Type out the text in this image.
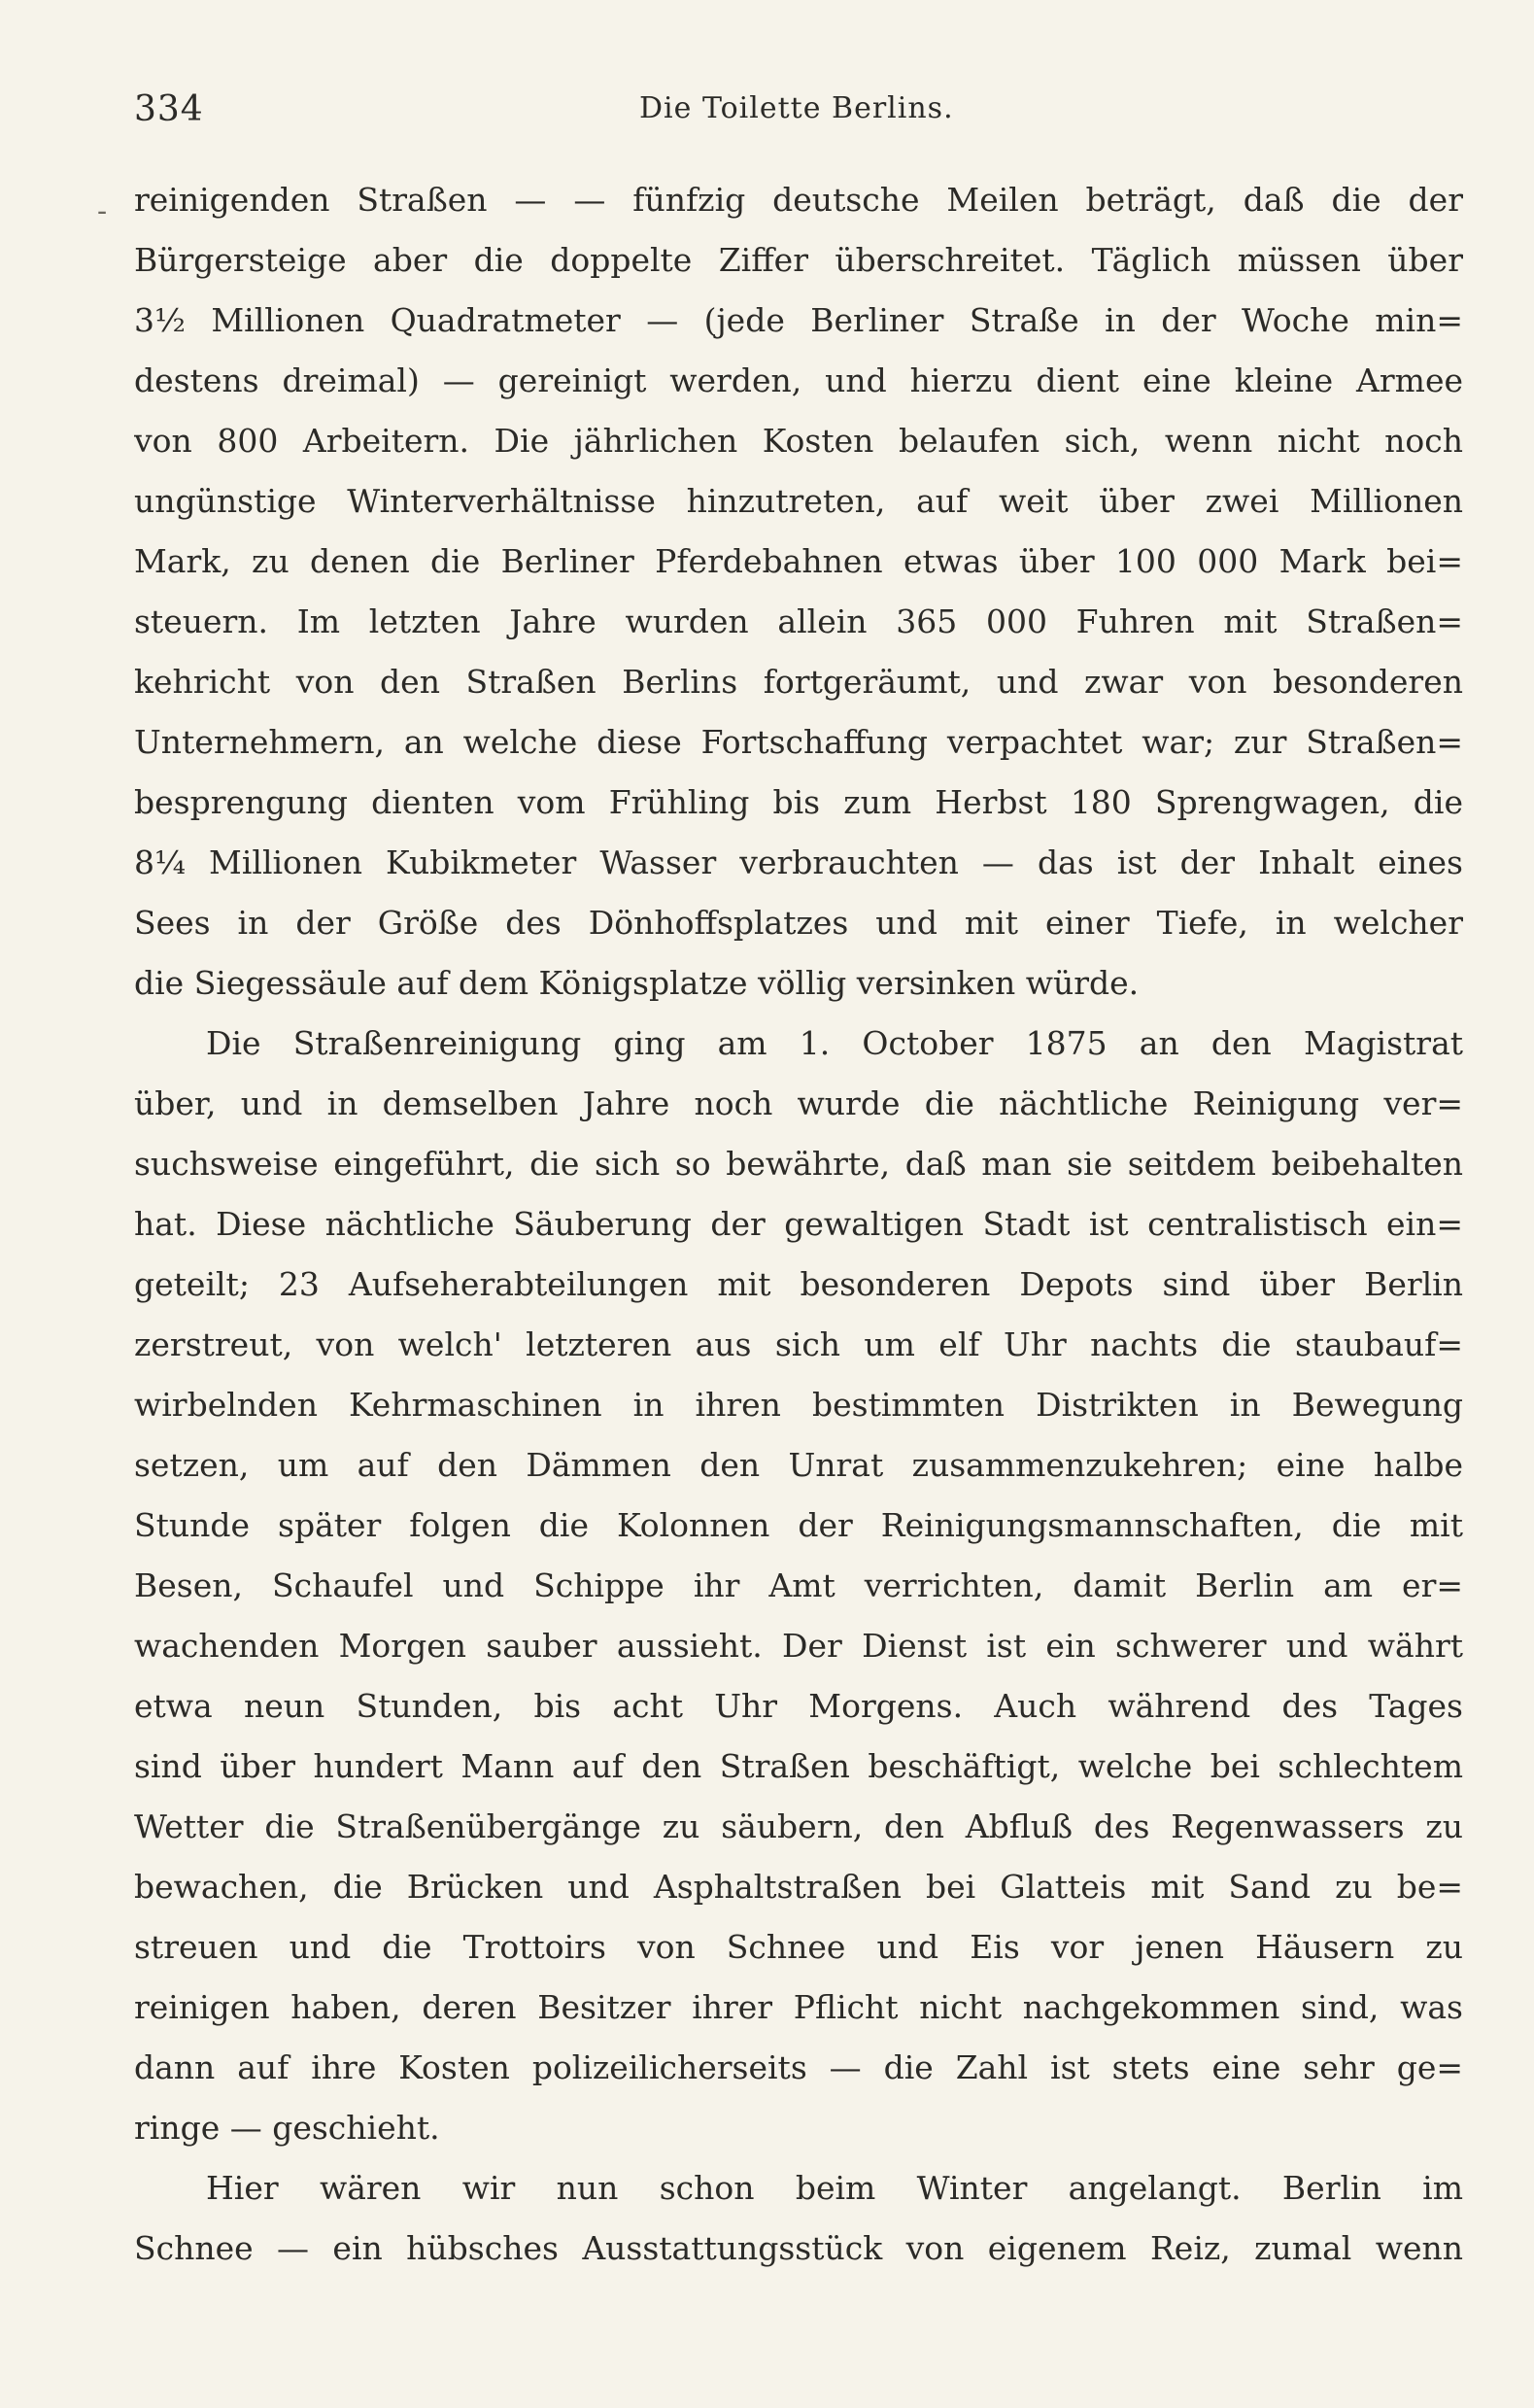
334	Die Toilette Berlins.
- reinigenden Straßen — — fünfzig deutsche Meilen beträgt, daß die der
Bürgersteige aber die doppelte Ziffer überschreitet. Täglich müssen über
3½ Millionen Quadratmeter — (jede Berliner Straße in der Woche min=
destens dreimal) — gereinigt werden, und hierzu dient eine kleine Armee
von 800 Arbeitern. Die jährlichen Kosten belaufen sich, wenn nicht noch
ungünstige Winterverhältnisse hinzutreten, auf weit über zwei Millionen
Mark, zu denen die Berliner Pferdebahnen etwas über 100 000 Mark bei=
steuern. Im letzten Jahre wurden allein 365 000 Fuhren mit Straßen=
kehricht von den Straßen Berlins fortgeräumt, und zwar von besonderen
Unternehmern, an welche diese Fortschaffung verpachtet war; zur Straßen=
besprengung dienten vom Frühling bis zum Herbst 180 Sprengwagen, die
8¼ Millionen Kubikmeter Wasser verbrauchten — das ist der Inhalt eines
Sees in der Größe des Dönhoffsplatzes und mit einer Tiefe, in welcher
die Siegessäule auf dem Königsplatze völlig versinken würde.
Die Straßenreinigung ging am 1. October 1875 an den Magistrat
über, und in demselben Jahre noch wurde die nächtliche Reinigung ver=
suchsweise eingeführt, die sich so bewährte, daß man sie seitdem beibehalten
hat. Diese nächtliche Säuberung der gewaltigen Stadt ist centralistisch ein=
geteilt; 23 Aufseherabteilungen mit besonderen Depots sind über Berlin
zerstreut, von welch' letzteren aus sich um elf Uhr nachts die staubauf=
wirbelnden Kehrmaschinen in ihren bestimmten Distrikten in Bewegung
setzen, um auf den Dämmen den Unrat zusammenzukehren; eine halbe
Stunde später folgen die Kolonnen der Reinigungsmannschaften, die mit
Besen, Schaufel und Schippe ihr Amt verrichten, damit Berlin am er=
wachenden Morgen sauber aussieht. Der Dienst ist ein schwerer und währt
etwa neun Stunden, bis acht Uhr Morgens. Auch während des Tages
sind über hundert Mann auf den Straßen beschäftigt, welche bei schlechtem
Wetter die Straßenübergänge zu säubern, den Abfluß des Regenwassers zu
bewachen, die Brücken und Asphaltstraßen bei Glatteis mit Sand zu be=
streuen und die Trottoirs von Schnee und Eis vor jenen Häusern zu
reinigen haben, deren Besitzer ihrer Pflicht nicht nachgekommen sind, was
dann auf ihre Kosten polizeilicherseits — die Zahl ist stets eine sehr ge=
ringe — geschieht.
Hier wären wir nun schon beim Winter angelangt. Berlin im
Schnee — ein hübsches Ausstattungsstück von eigenem Reiz, zumal wenn
